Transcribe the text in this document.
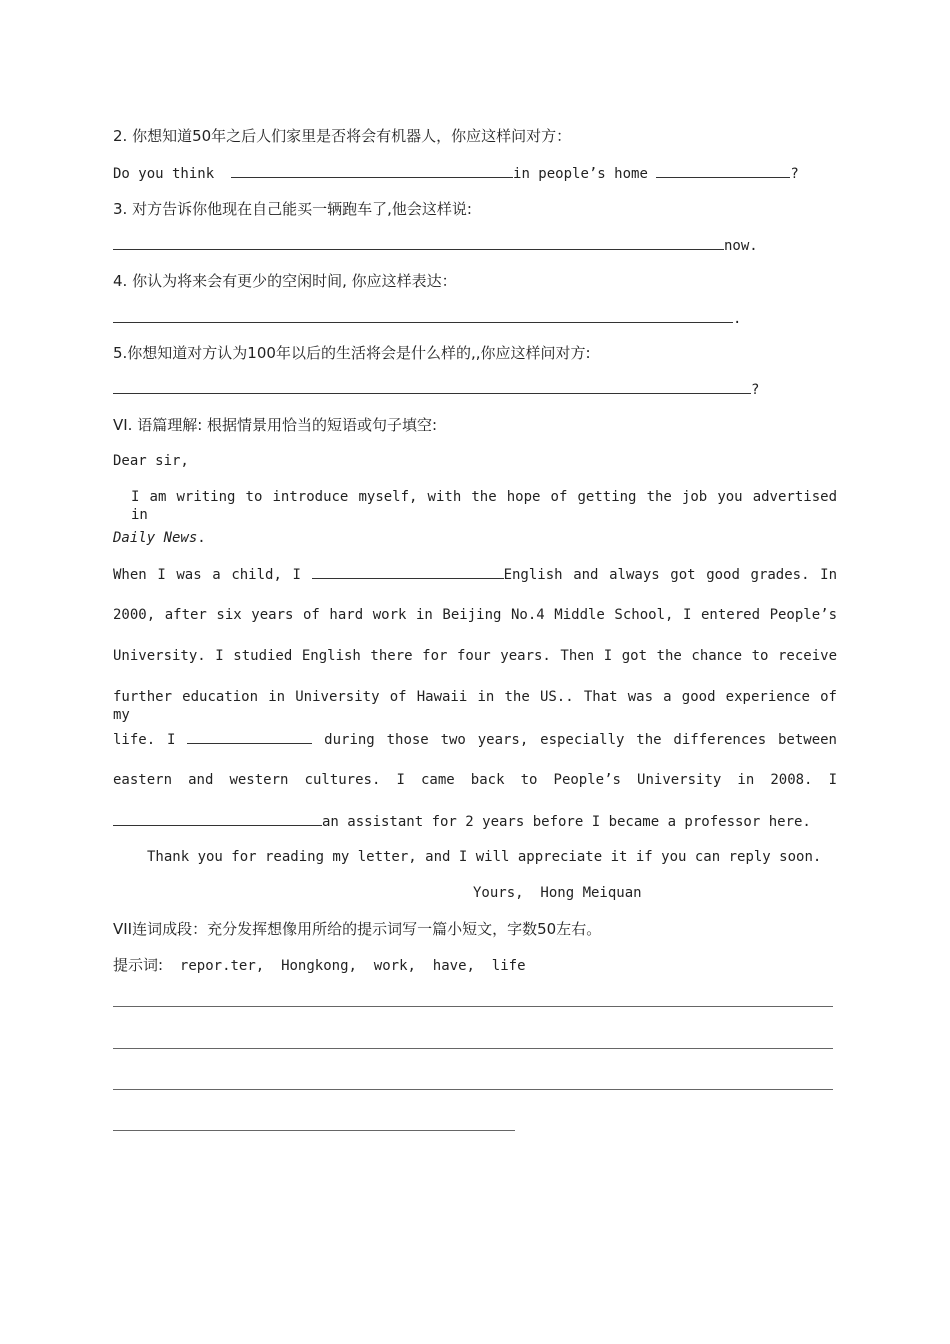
2. 你想知道50年之后人们家里是否将会有机器人，你应这样问对方：
Do you think	in people’s home	?
3. 对方告诉你他现在自己能买一辆跑车了,他会这样说:
now.
4. 你认为将来会有更少的空闲时间, 你应这样表达：
.
5.你想知道对方认为100年以后的生活将会是什么样的,,你应这样问对方:
?
VI. 语篇理解: 根据情景用恰当的短语或句子填空:
Dear sir,
I am writing to introduce myself, with the hope of getting the job you advertised in
Daily News.
When I was a child, I	English and always got good grades. In
2000, after six years of hard work in Beijing No.4 Middle School, I entered People’s
University. I studied English there for four years. Then I got the chance to receive
further education in University of Hawaii in the US.. That was a good experience of my
life. I	during those two years, especially the differences between
eastern and western cultures. I came back to People’s University in 2008. I
an assistant for 2 years before I became a professor here.
Thank you for reading my letter, and I will appreciate it if you can reply soon.
Yours,  Hong Meiquan
VII连词成段：充分发挥想像用所给的提示词写一篇小短文，字数50左右。
提示词: repor.ter,  Hongkong,  work,  have,  life
